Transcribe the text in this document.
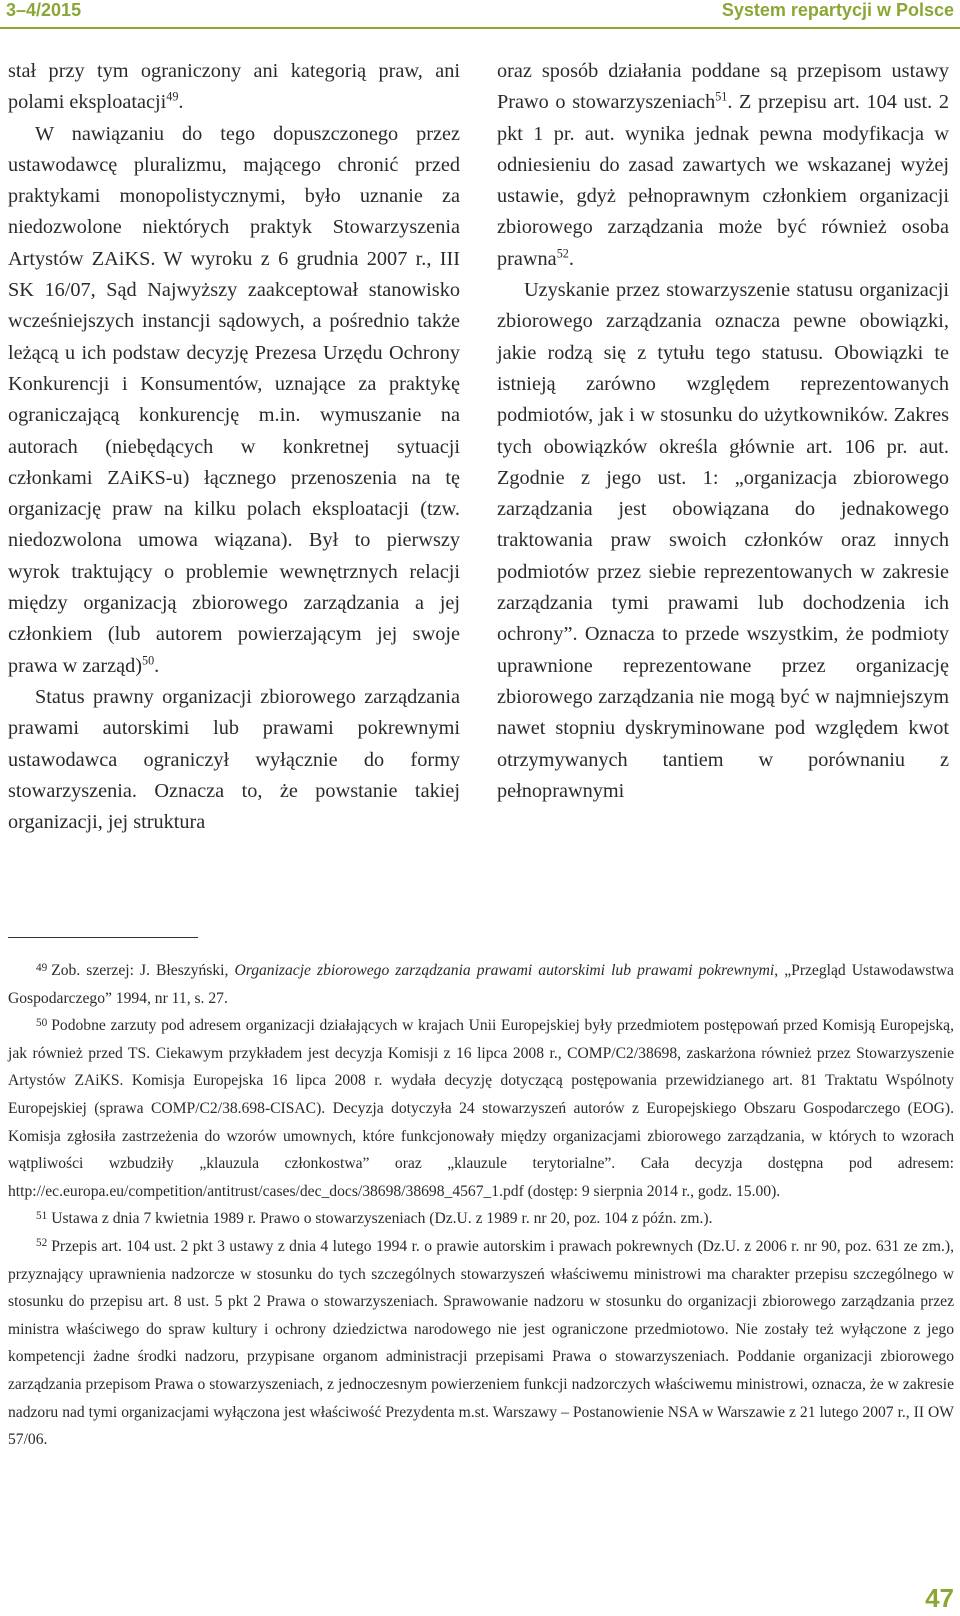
3–4/2015	System repartycji w Polsce

stał przy tym ograniczony ani kategorią praw, ani polami eksploatacji$^{49}$.

W nawiązaniu do tego dopuszczonego przez ustawodawcę pluralizmu, mającego chronić przed praktykami monopolistycznymi, było uznanie za niedozwolone niektórych praktyk Stowarzyszenia Artystów ZAiKS. W wyroku z 6 grudnia 2007 r., III SK 16/07, Sąd Najwyższy zaakceptował stanowisko wcześniejszych instancji sądowych, a pośrednio także leżącą u ich podstaw decyzję Prezesa Urzędu Ochrony Konkurencji i Konsumentów, uznające za praktykę ograniczającą konkurencję m.in. wymuszanie na autorach (niebędących w konkretnej sytuacji członkami ZAiKS-u) łącznego przenoszenia na tę organizację praw na kilku polach eksploatacji (tzw. niedozwolona umowa wiązana). Był to pierwszy wyrok traktujący o problemie wewnętrznych relacji między organizacją zbiorowego zarządzania a jej członkiem (lub autorem powierzającym jej swoje prawa w zarząd)$^{50}$.

Status prawny organizacji zbiorowego zarządzania prawami autorskimi lub prawami pokrewnymi ustawodawca ograniczył wyłącznie do formy stowarzyszenia. Oznacza to, że powstanie takiej organizacji, jej struktura

oraz sposób działania poddane są przepisom ustawy Prawo o stowarzyszeniach$^{51}$. Z przepisu art. 104 ust. 2 pkt 1 pr. aut. wynika jednak pewna modyfikacja w odniesieniu do zasad zawartych we wskazanej wyżej ustawie, gdyż pełnoprawnym członkiem organizacji zbiorowego zarządzania może być również osoba prawna$^{52}$.

Uzyskanie przez stowarzyszenie statusu organizacji zbiorowego zarządzania oznacza pewne obowiązki, jakie rodzą się z tytułu tego statusu. Obowiązki te istnieją zarówno względem reprezentowanych podmiotów, jak i w stosunku do użytkowników. Zakres tych obowiązków określa głównie art. 106 pr. aut. Zgodnie z jego ust. 1: „organizacja zbiorowego zarządzania jest obowiązana do jednakowego traktowania praw swoich członków oraz innych podmiotów przez siebie reprezentowanych w zakresie zarządzania tymi prawami lub dochodzenia ich ochrony”. Oznacza to przede wszystkim, że podmioty uprawnione reprezentowane przez organizację zbiorowego zarządzania nie mogą być w najmniejszym nawet stopniu dyskryminowane pod względem kwot otrzymywanych tantiem w porównaniu z pełnoprawnymi

$^{49}$ Zob. szerzej: J. Błeszyński, Organizacje zbiorowego zarządzania prawami autorskimi lub prawami pokrewnymi, „Przegląd Ustawodawstwa Gospodarczego” 1994, nr 11, s. 27.

$^{50}$ Podobne zarzuty pod adresem organizacji działających w krajach Unii Europejskiej były przedmiotem postępowań przed Komisją Europejską, jak również przed TS. Ciekawym przykładem jest decyzja Komisji z 16 lipca 2008 r., COMP/C2/38698, zaskarżona również przez Stowarzyszenie Artystów ZAiKS. Komisja Europejska 16 lipca 2008 r. wydała decyzję dotyczącą postępowania przewidzianego art. 81 Traktatu Wspólnoty Europejskiej (sprawa COMP/C2/38.698-CISAC). Decyzja dotyczyła 24 stowarzyszeń autorów z Europejskiego Obszaru Gospodarczego (EOG). Komisja zgłosiła zastrzeżenia do wzorów umownych, które funkcjonowały między organizacjami zbiorowego zarządzania, w których to wzorach wątpliwości wzbudziły „klauzula członkostwa” oraz „klauzule terytorialne”. Cała decyzja dostępna pod adresem: http://ec.europa.eu/competition/antitrust/cases/dec_docs/38698/38698_4567_1.pdf (dostęp: 9 sierpnia 2014 r., godz. 15.00).

$^{51}$ Ustawa z dnia 7 kwietnia 1989 r. Prawo o stowarzyszeniach (Dz.U. z 1989 r. nr 20, poz. 104 z późn. zm.).

$^{52}$ Przepis art. 104 ust. 2 pkt 3 ustawy z dnia 4 lutego 1994 r. o prawie autorskim i prawach pokrewnych (Dz.U. z 2006 r. nr 90, poz. 631 ze zm.), przyznający uprawnienia nadzorcze w stosunku do tych szczególnych stowarzyszeń właściwemu ministrowi ma charakter przepisu szczególnego w stosunku do przepisu art. 8 ust. 5 pkt 2 Prawa o stowarzyszeniach. Sprawowanie nadzoru w stosunku do organizacji zbiorowego zarządzania przez ministra właściwego do spraw kultury i ochrony dziedzictwa narodowego nie jest ograniczone przedmiotowo. Nie zostały też wyłączone z jego kompetencji żadne środki nadzoru, przypisane organom administracji przepisami Prawa o stowarzyszeniach. Poddanie organizacji zbiorowego zarządzania przepisom Prawa o stowarzyszeniach, z jednoczesnym powierzeniem funkcji nadzorczych właściwemu ministrowi, oznacza, że w zakresie nadzoru nad tymi organizacjami wyłączona jest właściwość Prezydenta m.st. Warszawy – Postanowienie NSA w Warszawie z 21 lutego 2007 r., II OW 57/06.

47
